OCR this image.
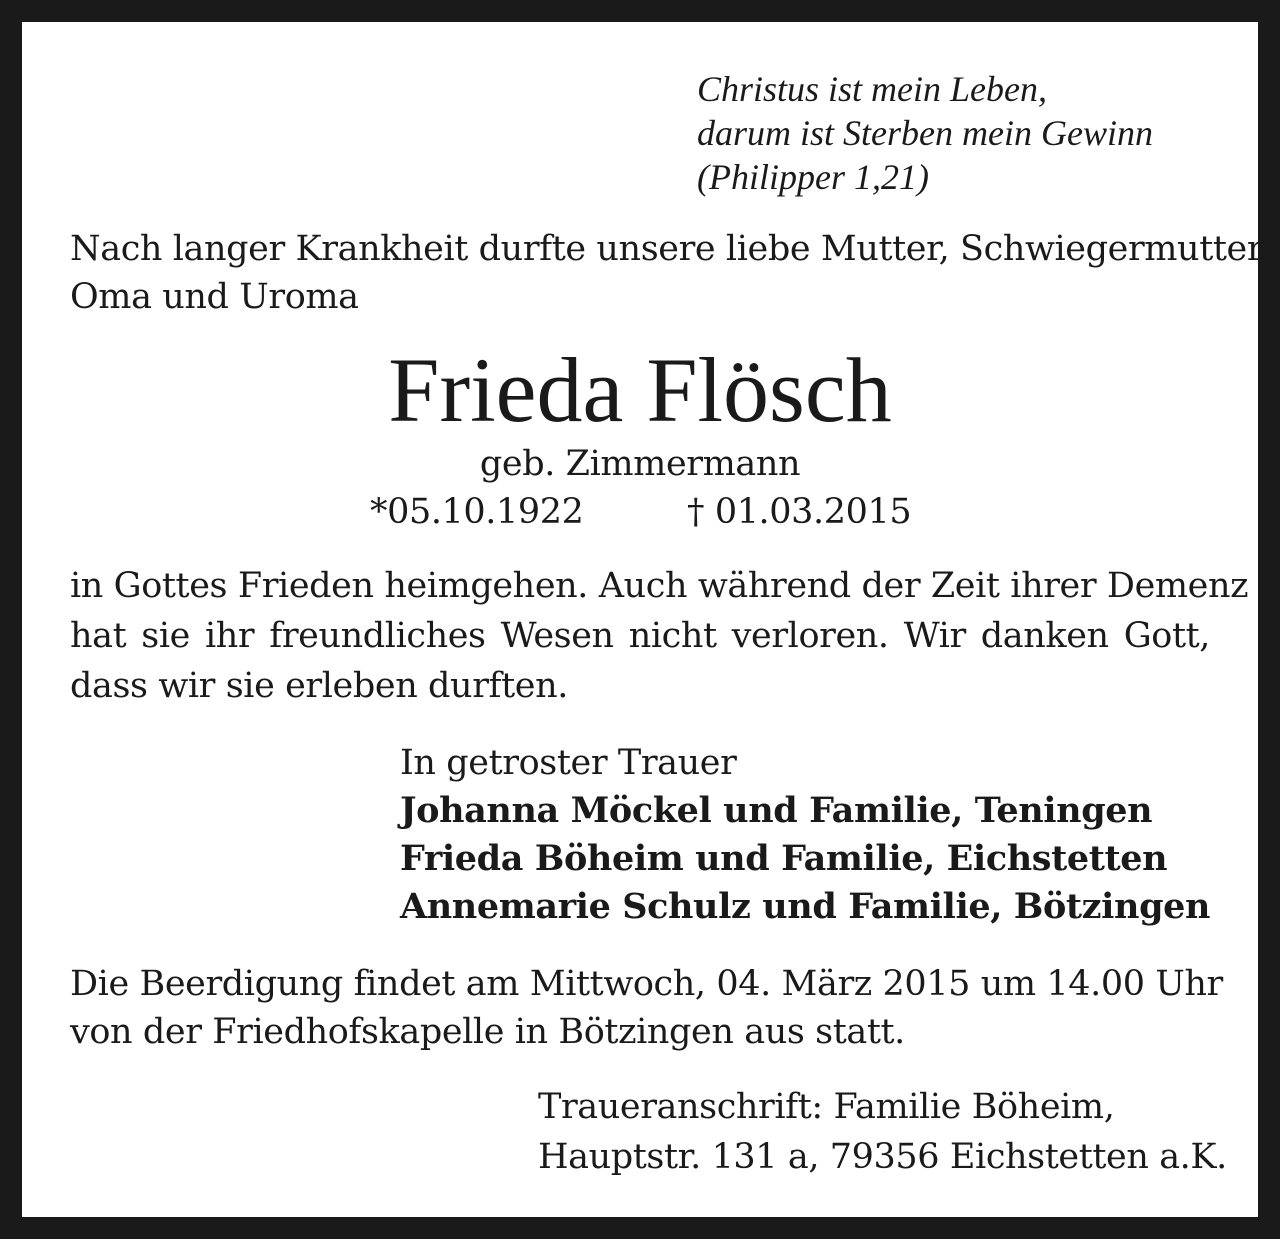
Christus ist mein Leben,
darum ist Sterben mein Gewinn
(Philipper 1,21)
Nach langer Krankheit durfte unsere liebe Mutter, Schwiegermutter,
Oma und Uroma
Frieda Flösch
geb. Zimmermann
*05.10.1922	† 01.03.2015
in Gottes Frieden heimgehen. Auch während der Zeit ihrer Demenz
hat sie ihr freundliches Wesen nicht verloren. Wir danken Gott,
dass wir sie erleben durften.
In getroster Trauer
Johanna Möckel und Familie, Teningen
Frieda Böheim und Familie, Eichstetten
Annemarie Schulz und Familie, Bötzingen
Die Beerdigung findet am Mittwoch, 04. März 2015 um 14.00 Uhr
von der Friedhofskapelle in Bötzingen aus statt.
Traueranschrift: Familie Böheim,
Hauptstr. 131 a, 79356 Eichstetten a.K.
